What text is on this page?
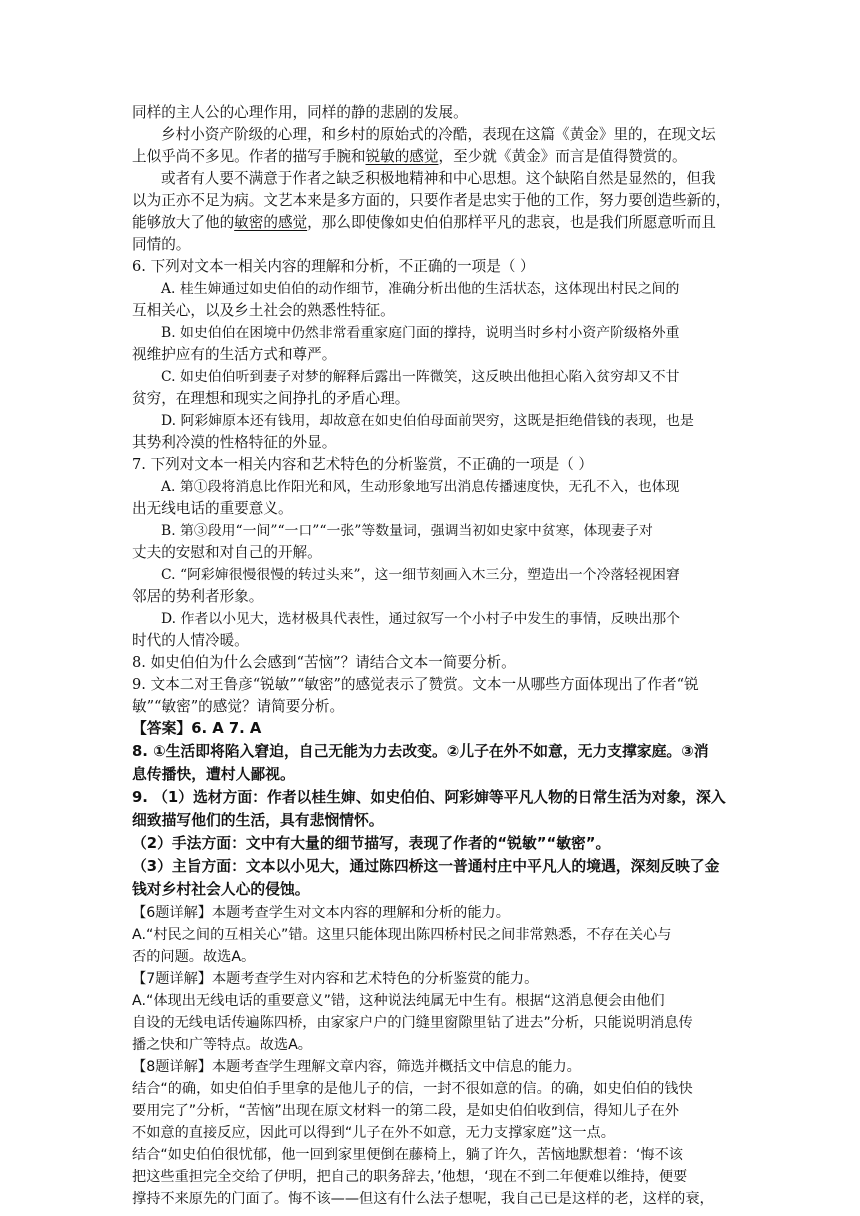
同样的主人公的心理作用，同样的静的悲剧的发展。
乡村小资产阶级的心理，和乡村的原始式的冷酷，表现在这篇《黄金》里的，在现文坛
上似乎尚不多见。作者的描写手腕和锐敏的感觉，至少就《黄金》而言是值得赞赏的。
或者有人要不满意于作者之缺乏积极地精神和中心思想。这个缺陷自然是显然的，但我
以为正亦不足为病。文艺本来是多方面的，只要作者是忠实于他的工作，努力要创造些新的，
能够放大了他的敏密的感觉，那么即使像如史伯伯那样平凡的悲哀，也是我们所愿意听而且
同情的。
6. 下列对文本一相关内容的理解和分析，不正确的一项是（ ）
A. 桂生婶通过如史伯伯的动作细节，准确分析出他的生活状态，这体现出村民之间的
互相关心，以及乡土社会的熟悉性特征。
B. 如史伯伯在困境中仍然非常看重家庭门面的撑持，说明当时乡村小资产阶级格外重
视维护应有的生活方式和尊严。
C. 如史伯伯听到妻子对梦的解释后露出一阵微笑，这反映出他担心陷入贫穷却又不甘
贫穷，在理想和现实之间挣扎的矛盾心理。
D. 阿彩婶原本还有钱用，却故意在如史伯伯母面前哭穷，这既是拒绝借钱的表现，也是
其势利冷漠的性格特征的外显。
7. 下列对文本一相关内容和艺术特色的分析鉴赏，不正确的一项是（ ）
A. 第①段将消息比作阳光和风，生动形象地写出消息传播速度快，无孔不入，也体现
出无线电话的重要意义。
B. 第③段用“一间”“一口”“一张”等数量词，强调当初如史家中贫寒，体现妻子对
丈夫的安慰和对自己的开解。
C. “阿彩婶很慢很慢的转过头来”，这一细节刻画入木三分，塑造出一个冷落轻视困窘
邻居的势利者形象。
D. 作者以小见大，选材极具代表性，通过叙写一个小村子中发生的事情，反映出那个
时代的人情冷暖。
8. 如史伯伯为什么会感到“苦恼”？请结合文本一简要分析。
9. 文本二对王鲁彦“锐敏”“敏密”的感觉表示了赞赏。文本一从哪些方面体现出了作者“锐
敏”“敏密”的感觉？请简要分析。
【答案】6. A 7. A
8. ①生活即将陷入窘迫，自己无能为力去改变。②儿子在外不如意，无力支撑家庭。③消
息传播快，遭村人鄙视。
9. （1）选材方面：作者以桂生婶、如史伯伯、阿彩婶等平凡人物的日常生活为对象，深入
细致描写他们的生活，具有悲悯情怀。
（2）手法方面：文中有大量的细节描写，表现了作者的“锐敏”“敏密”。
（3）主旨方面：文本以小见大，通过陈四桥这一普通村庄中平凡人的境遇，深刻反映了金
钱对乡村社会人心的侵蚀。
【6题详解】本题考查学生对文本内容的理解和分析的能力。
A.“村民之间的互相关心”错。这里只能体现出陈四桥村民之间非常熟悉，不存在关心与
否的问题。故选A。
【7题详解】本题考查学生对内容和艺术特色的分析鉴赏的能力。
A.“体现出无线电话的重要意义”错，这种说法纯属无中生有。根据“这消息便会由他们
自设的无线电话传遍陈四桥，由家家户户的门缝里窗隙里钻了进去”分析，只能说明消息传
播之快和广等特点。故选A。
【8题详解】本题考查学生理解文章内容，筛选并概括文中信息的能力。
结合“的确，如史伯伯手里拿的是他儿子的信，一封不很如意的信。的确，如史伯伯的钱快
要用完了”分析，“苦恼”出现在原文材料一的第二段，是如史伯伯收到信，得知儿子在外
不如意的直接反应，因此可以得到“儿子在外不如意，无力支撑家庭”这一点。
结合“如史伯伯很忧郁，他一回到家里便倒在藤椅上，躺了许久，苦恼地默想着：‘悔不该
把这些重担完全交给了伊明，把自己的职务辞去，’他想，‘现在不到二年便难以维持，便要
撑持不来原先的门面了。悔不该——但这有什么法子想呢，我自己已是这样的老，这样的衰，
